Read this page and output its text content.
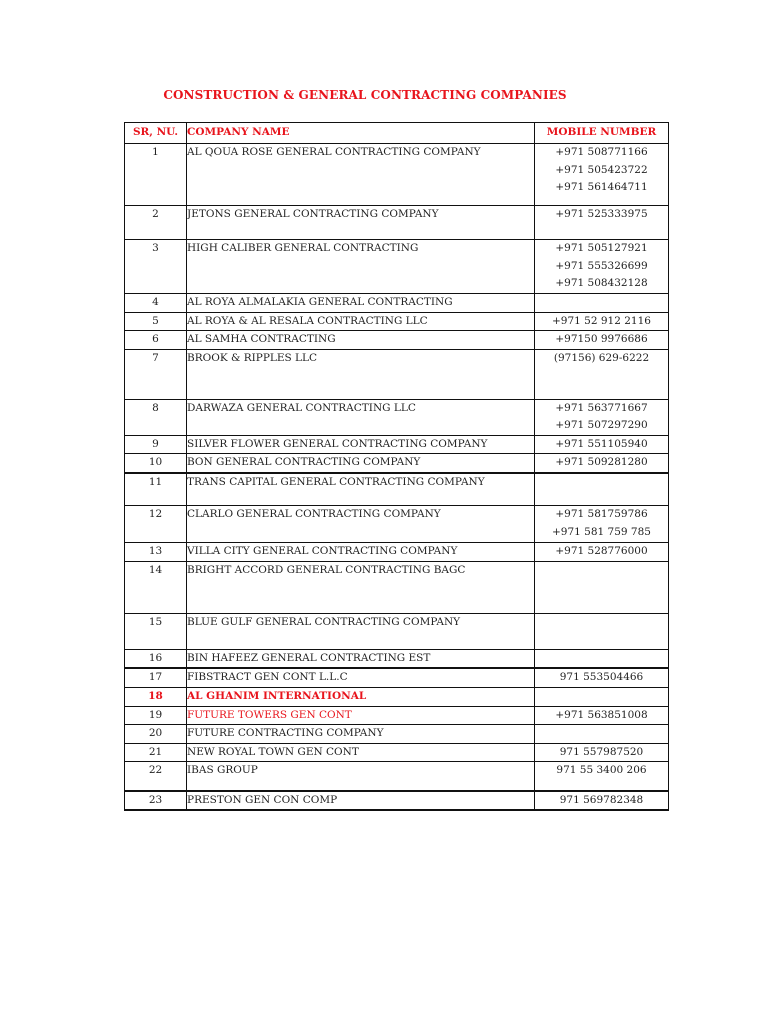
CONSTRUCTION & GENERAL CONTRACTING COMPANIES
SR, NU.	COMPANY NAME	MOBILE NUMBER
1	AL QOUA ROSE GENERAL CONTRACTING COMPANY	+971 508771166
+971 505423722
+971 561464711

2	JETONS GENERAL CONTRACTING COMPANY	+971 525333975
3	HIGH CALIBER GENERAL CONTRACTING	+971 505127921
+971 555326699
+971 508432128

4	AL ROYA ALMALAKIA GENERAL CONTRACTING	
5	AL ROYA & AL RESALA CONTRACTING LLC	+971 52 912 2116
6	AL SAMHA CONTRACTING	+97150 9976686
7	BROOK & RIPPLES LLC	(97156) 629-6222
8	DARWAZA GENERAL CONTRACTING LLC	+971 563771667
+971 507297290

9	SILVER FLOWER GENERAL CONTRACTING COMPANY	+971 551105940
10	BON GENERAL CONTRACTING COMPANY	+971 509281280
11	TRANS CAPITAL GENERAL CONTRACTING COMPANY	
12	CLARLO GENERAL CONTRACTING COMPANY	+971 581759786
+971 581 759 785

13	VILLA CITY GENERAL CONTRACTING COMPANY	+971 528776000
14	BRIGHT ACCORD GENERAL CONTRACTING BAGC	
15	BLUE GULF GENERAL CONTRACTING COMPANY	
16	BIN HAFEEZ GENERAL CONTRACTING EST	
17	FIBSTRACT GEN CONT L.L.C	971 553504466
18	AL GHANIM INTERNATIONAL	
19	FUTURE TOWERS GEN CONT	+971 563851008
20	FUTURE CONTRACTING COMPANY	
21	NEW ROYAL TOWN GEN CONT	971 557987520
22	IBAS GROUP	971 55 3400 206
23	PRESTON GEN CON COMP	971 569782348
